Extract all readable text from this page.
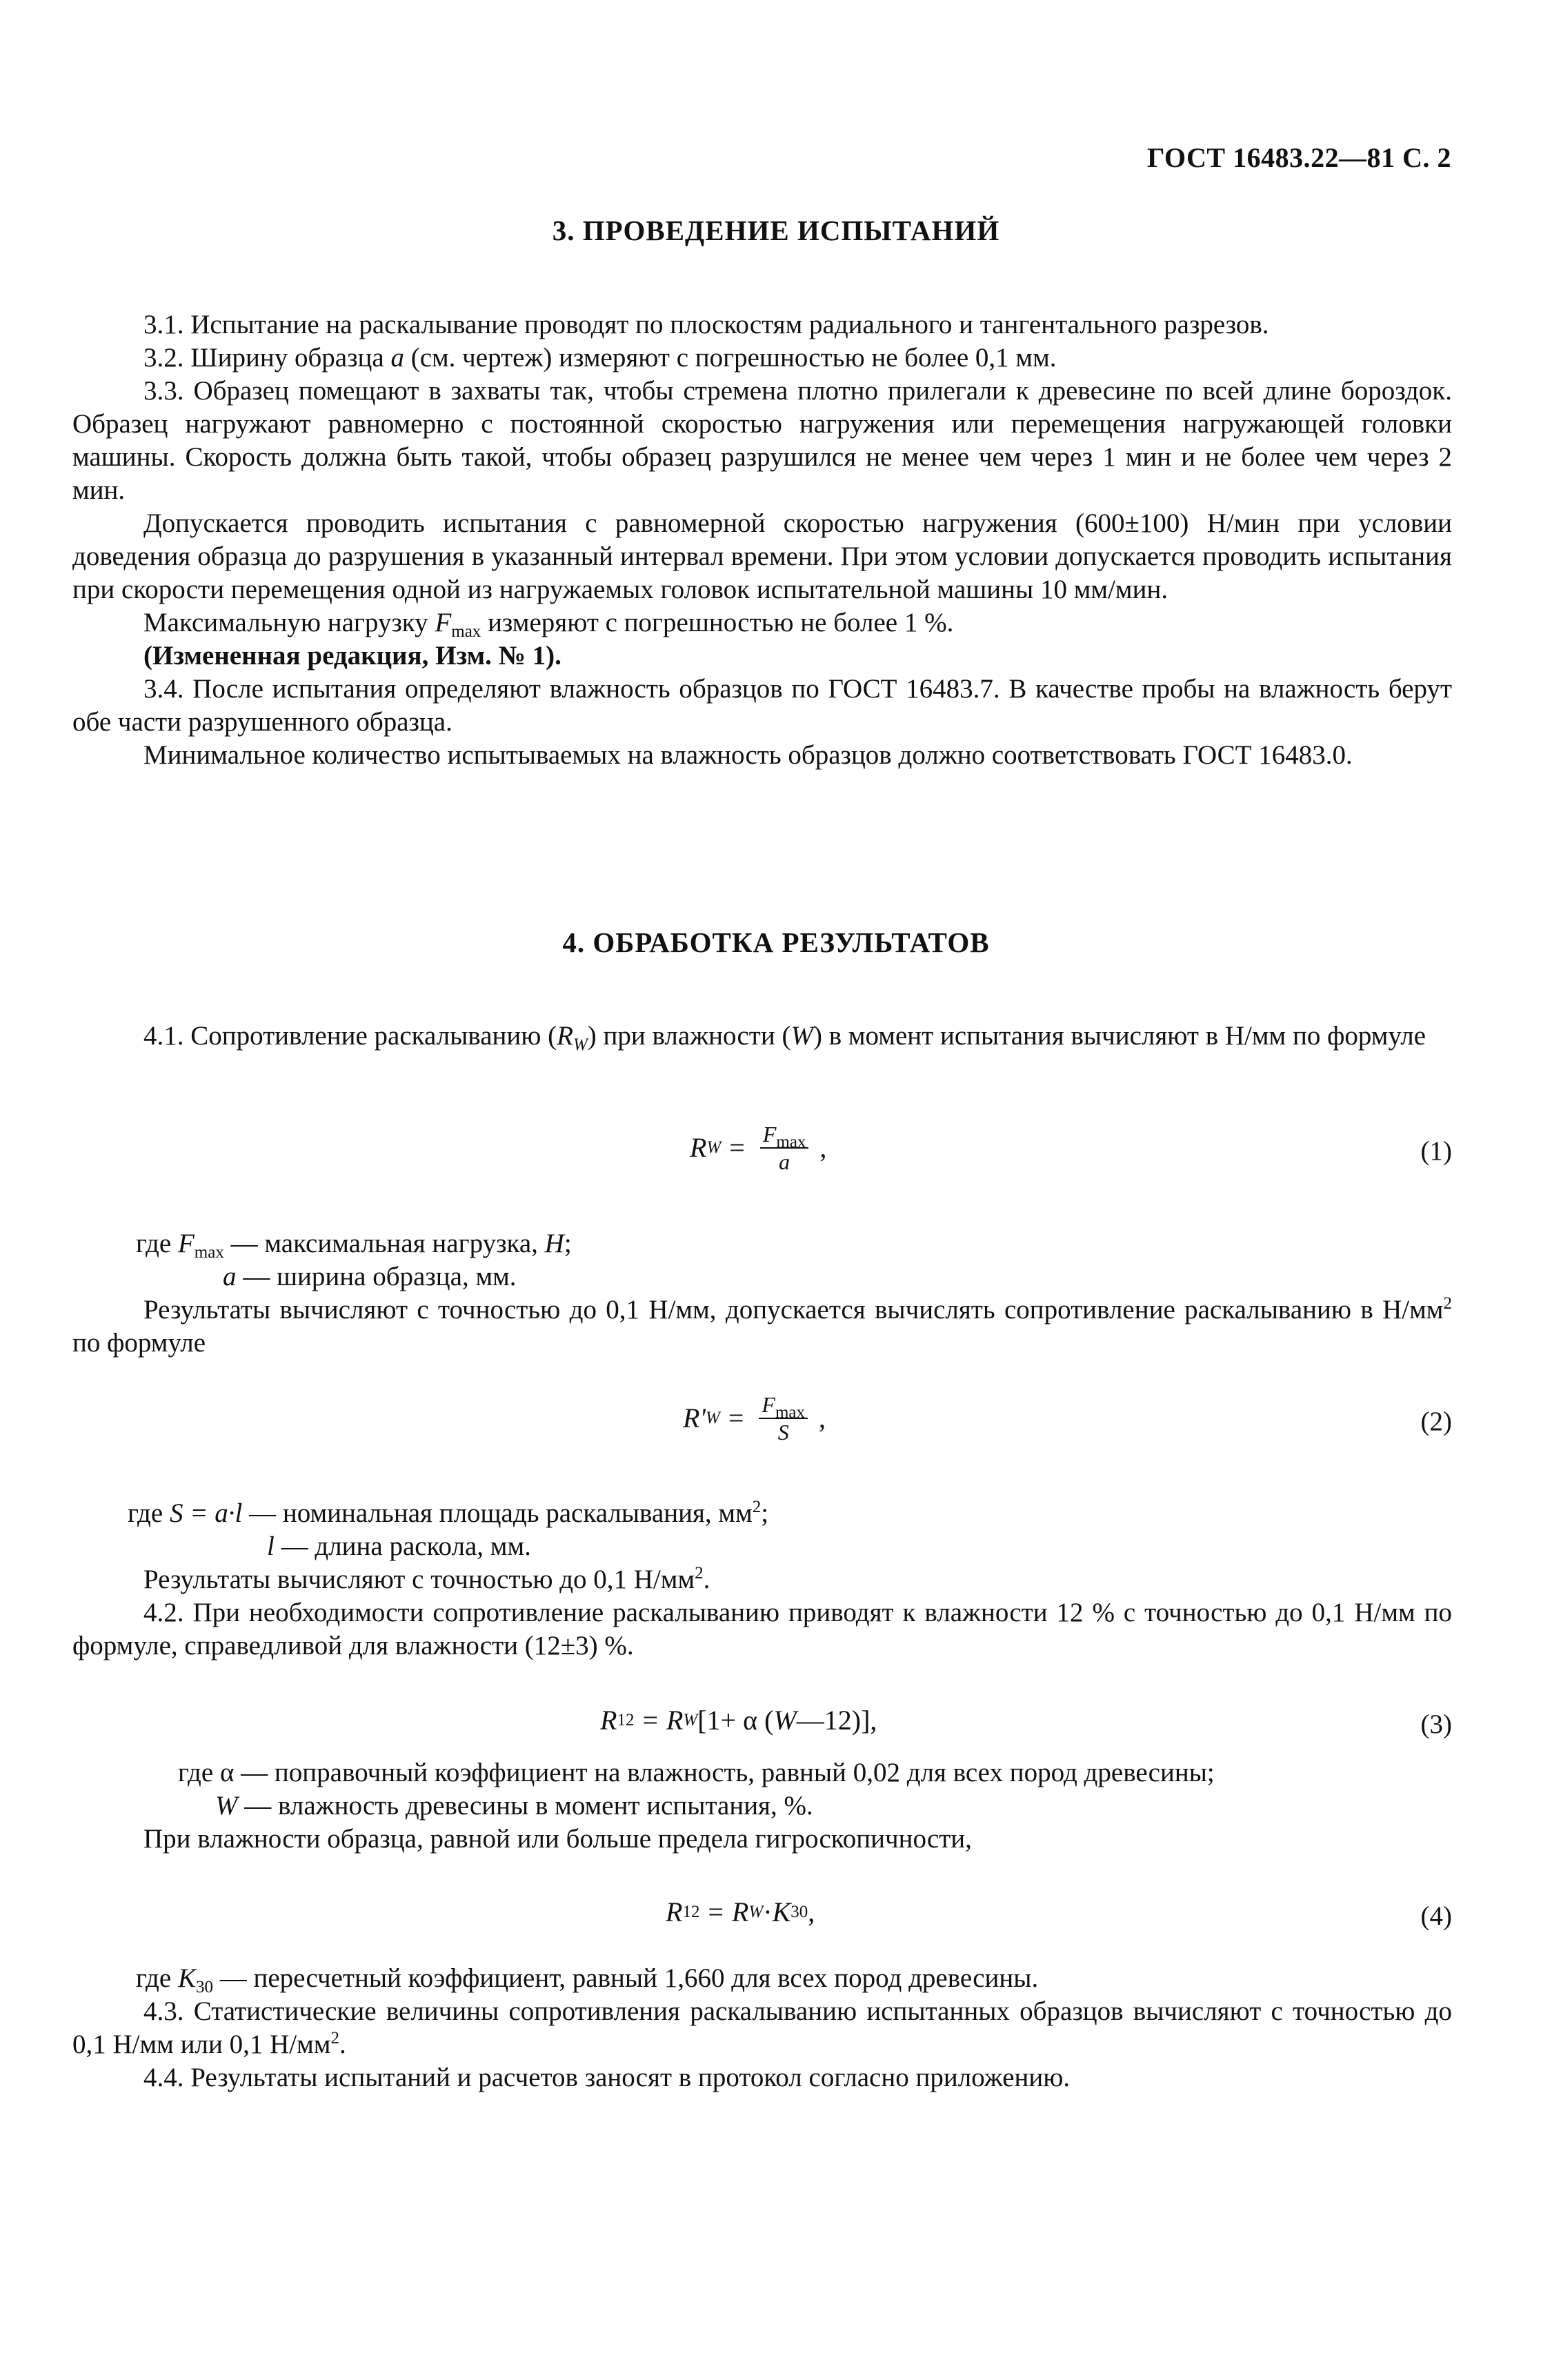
ГОСТ 16483.22—81 С. 2
3. ПРОВЕДЕНИЕ ИСПЫТАНИЙ

3.1. Испытание на раскалывание проводят по плоскостям радиального и тангентального разрезов.

3.2. Ширину образца a (см. чертеж) измеряют с погрешностью не более 0,1 мм.

3.3. Образец помещают в захваты так, чтобы стремена плотно прилегали к древесине по всей длине бороздок. Образец нагружают равномерно с постоянной скоростью нагружения или перемещения нагружающей головки машины. Скорость должна быть такой, чтобы образец разрушился не менее чем через 1 мин и не более чем через 2 мин.

Допускается проводить испытания с равномерной скоростью нагружения (600±100) Н/мин при условии доведения образца до разрушения в указанный интервал времени. При этом условии допускается проводить испытания при скорости перемещения одной из нагружаемых головок испытательной машины 10 мм/мин.

Максимальную нагрузку $F_{max}$ измеряют с погрешностью не более 1 %.

(Измененная редакция, Изм. № 1).

3.4. После испытания определяют влажность образцов по ГОСТ 16483.7. В качестве пробы на влажность берут обе части разрушенного образца.

Минимальное количество испытываемых на влажность образцов должно соответствовать ГОСТ 16483.0.

4. ОБРАБОТКА РЕЗУЛЬТАТОВ

4.1. Сопротивление раскалыванию $(R_W)$ при влажности (W) в момент испытания вычисляют в Н/мм по формуле

R $W = \frac{F_{max}}{a}$ ,	(1)
где $F_{max}$ — максимальная нагрузка, Н;
a — ширина образца, мм.

Результаты вычисляют с точностью до 0,1 Н/мм, допускается вычислять сопротивление раскалыванию в $Н/мм^2$ по формуле

R' $W = \frac{F_{max}}{S}$ ,	(2)
где S = a·l — номинальная площадь раскалывания, $мм^2$;
l — длина раскола, мм.

Результаты вычисляют с точностью до 0,1 $Н/мм^2$.

4.2. При необходимости сопротивление раскалыванию приводят к влажности 12 % с точностью до 0,1 Н/мм по формуле, справедливой для влажности (12±3) %.

R 12 = R W [1+ α ( W —12)],	(3)
где α — поправочный коэффициент на влажность, равный 0,02 для всех пород древесины;
W — влажность древесины в момент испытания, %.

При влажности образца, равной или больше предела гигроскопичности,

R 12 = R W · K 30 ,	(4)
где $K_{30}$ — пересчетный коэффициент, равный 1,660 для всех пород древесины.

4.3. Статистические величины сопротивления раскалыванию испытанных образцов вычисляют с точностью до 0,1 Н/мм или 0,1 $Н/мм^2$.

4.4. Результаты испытаний и расчетов заносят в протокол согласно приложению.
